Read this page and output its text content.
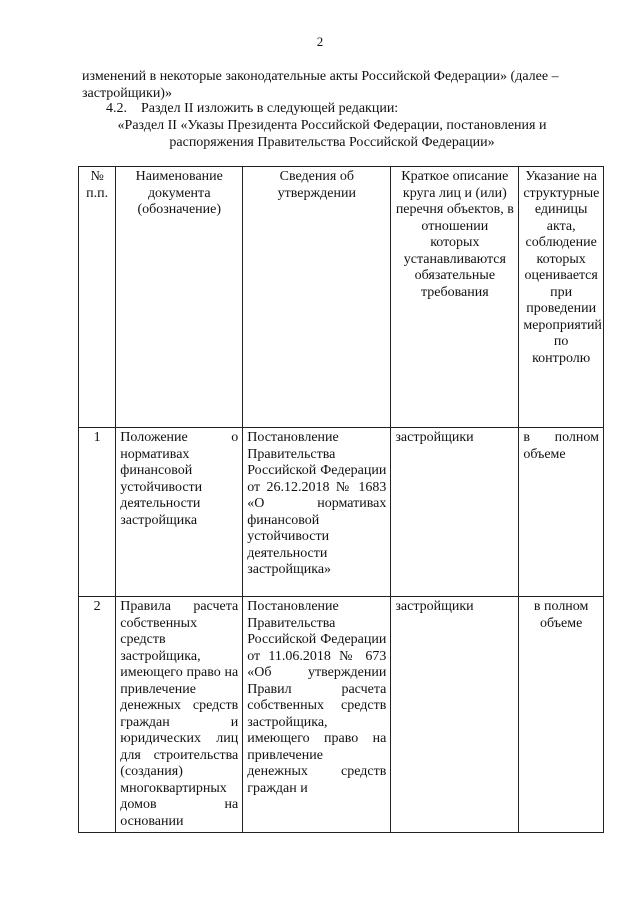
2
изменений в некоторые законодательные акты Российской Федерации» (далее – застройщики)»
4.2.    Раздел II изложить в следующей редакции:
«Раздел II «Указы Президента Российской Федерации, постановления и распоряжения Правительства Российской Федерации»
№ п.п.	Наименование документа (обозначение)	Сведения об утверждении	Краткое описание круга лиц и (или) перечня объектов, в отношении которых устанавливаются обязательные требования	Указание на структурные единицы акта, соблюдение которых оцениваетcя при проведении мероприятий по контролю
1	Положение о нормативах финансовой устойчивости деятельности застройщика	Постановление Правительства Российской Федерации от 26.12.2018 № 1683 «О нормативах финансовой устойчивости деятельности застройщика»	застройщики	в полном объеме
2	Правила расчета собственных средств застройщика, имеющего право на привлечение денежных средств граждан и юридических лиц для строительства (создания) многоквартирных домов на основании	Постановление Правительства Российской Федерации от 11.06.2018 № 673 «Об утверждении Правил расчета собственных средств застройщика, имеющего право на привлечение денежных средств граждан и	застройщики	в полном объеме
